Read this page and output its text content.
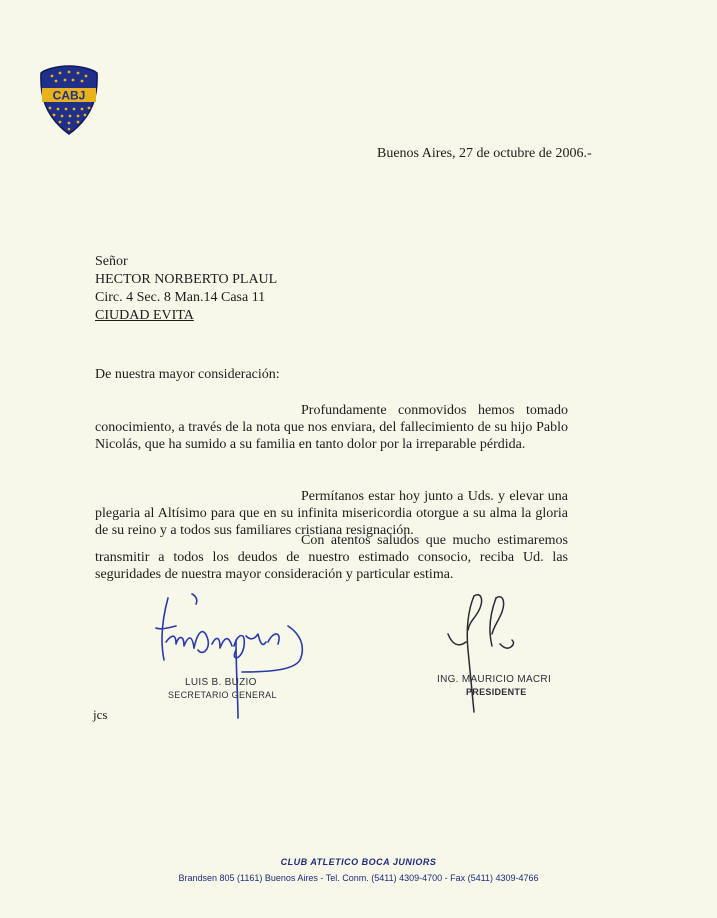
CABJ
Buenos Aires, 27 de octubre de 2006.-
Señor
HECTOR NORBERTO PLAUL
Circ. 4 Sec. 8 Man.14 Casa 11
CIUDAD EVITA
De nuestra mayor consideración:

Profundamente conmovidos hemos tomado conocimiento, a través de la nota que nos enviara, del fallecimiento de su hijo Pablo Nicolás, que ha sumido a su familia en tanto dolor por la irreparable pérdida.

Permítanos estar hoy junto a Uds. y elevar una plegaria al Altísimo para que en su infinita misericordia otorgue a su alma la gloria de su reino y a todos sus familiares cristiana resignación.

Con atentos saludos que mucho estimaremos transmitir a todos los deudos de nuestro estimado consocio, reciba Ud. las seguridades de nuestra mayor consideración y particular estima.

LUIS B. BUZIO
SECRETARIO GENERAL
ING. MAURICIO MACRI
PRESIDENTE
jcs
CLUB ATLETICO BOCA JUNIORS
Brandsen 805 (1161) Buenos Aires - Tel. Conm. (5411) 4309-4700 - Fax (5411) 4309-4766
